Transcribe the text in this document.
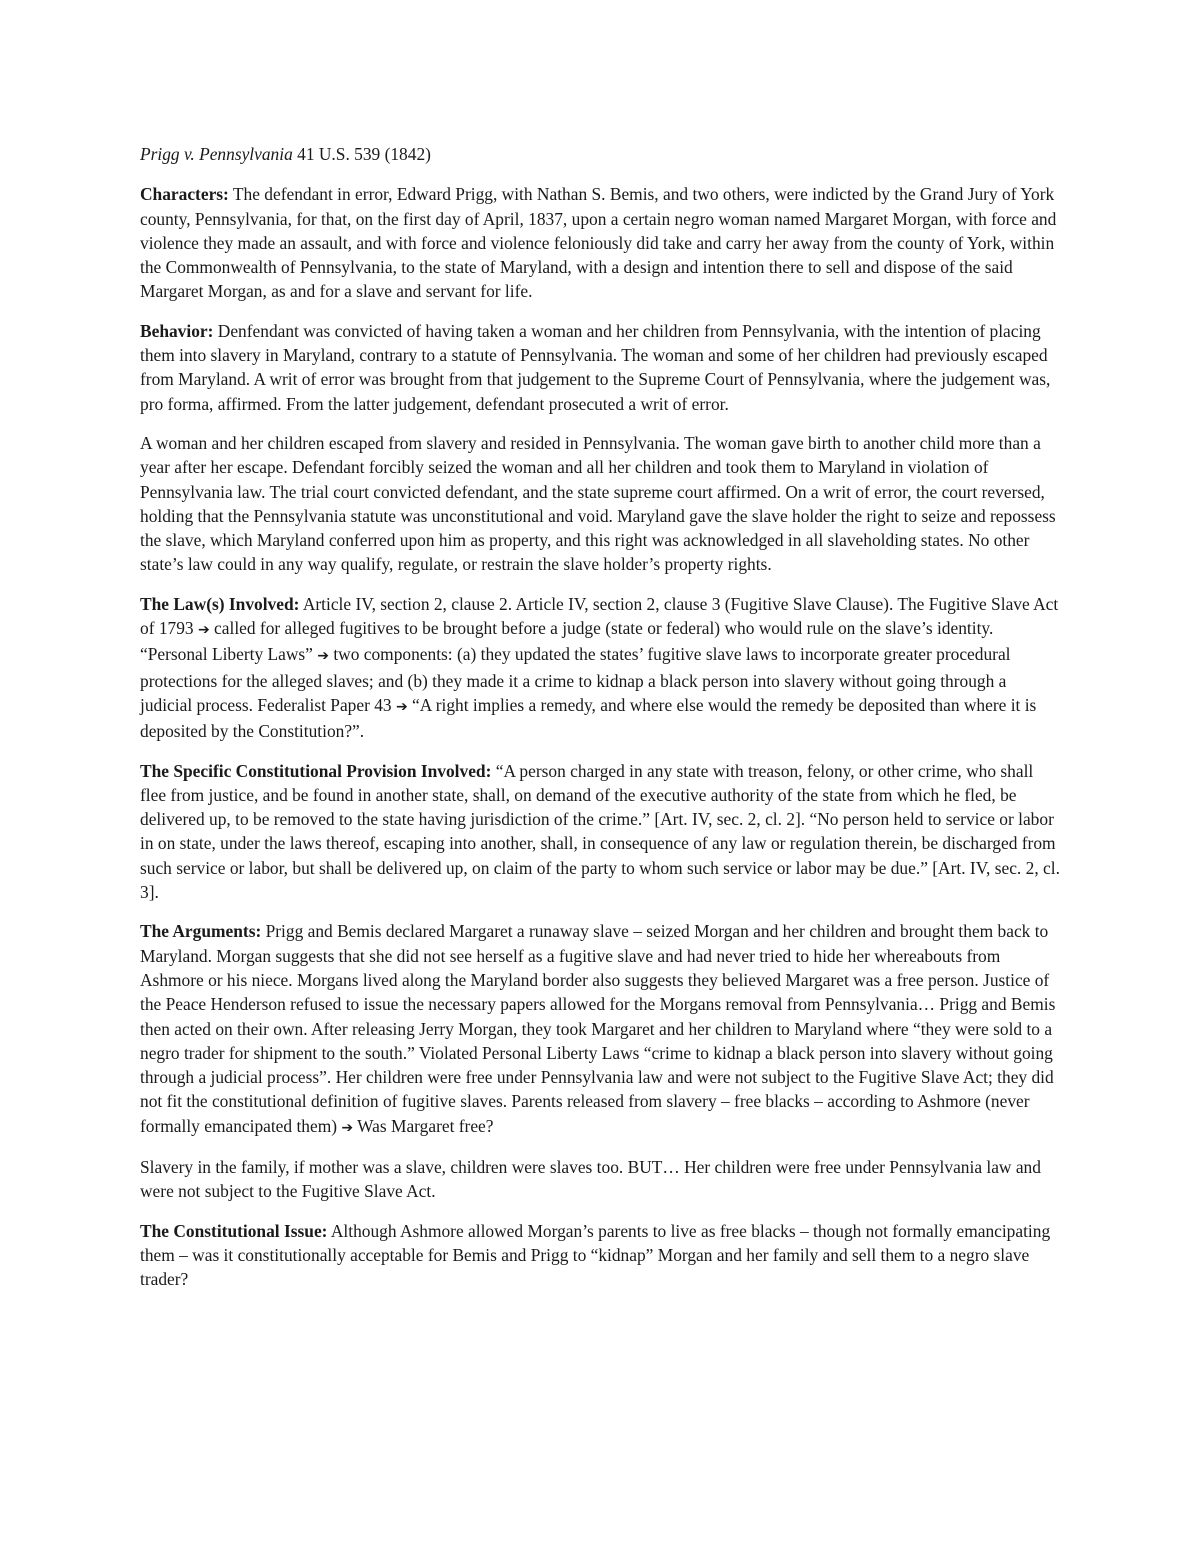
Prigg v. Pennsylvania 41 U.S. 539 (1842)

Characters: The defendant in error, Edward Prigg, with Nathan S. Bemis, and two others, were indicted by the Grand Jury of York county, Pennsylvania, for that, on the first day of April, 1837, upon a certain negro woman named Margaret Morgan, with force and violence they made an assault, and with force and violence feloniously did take and carry her away from the county of York, within the Commonwealth of Pennsylvania, to the state of Maryland, with a design and intention there to sell and dispose of the said Margaret Morgan, as and for a slave and servant for life.

Behavior: Denfendant was convicted of having taken a woman and her children from Pennsylvania, with the intention of placing them into slavery in Maryland, contrary to a statute of Pennsylvania. The woman and some of her children had previously escaped from Maryland. A writ of error was brought from that judgement to the Supreme Court of Pennsylvania, where the judgement was, pro forma, affirmed. From the latter judgement, defendant prosecuted a writ of error.

A woman and her children escaped from slavery and resided in Pennsylvania. The woman gave birth to another child more than a year after her escape. Defendant forcibly seized the woman and all her children and took them to Maryland in violation of Pennsylvania law. The trial court convicted defendant, and the state supreme court affirmed. On a writ of error, the court reversed, holding that the Pennsylvania statute was unconstitutional and void. Maryland gave the slave holder the right to seize and repossess the slave, which Maryland conferred upon him as property, and this right was acknowledged in all slaveholding states. No other state’s law could in any way qualify, regulate, or restrain the slave holder’s property rights.

The Law(s) Involved: Article IV, section 2, clause 2. Article IV, section 2, clause 3 (Fugitive Slave Clause). The Fugitive Slave Act of 1793 ➔ called for alleged fugitives to be brought before a judge (state or federal) who would rule on the slave’s identity. “Personal Liberty Laws” ➔ two components: (a) they updated the states’ fugitive slave laws to incorporate greater procedural protections for the alleged slaves; and (b) they made it a crime to kidnap a black person into slavery without going through a judicial process. Federalist Paper 43 ➔ “A right implies a remedy, and where else would the remedy be deposited than where it is deposited by the Constitution?”.

The Specific Constitutional Provision Involved: “A person charged in any state with treason, felony, or other crime, who shall flee from justice, and be found in another state, shall, on demand of the executive authority of the state from which he fled, be delivered up, to be removed to the state having jurisdiction of the crime.” [Art. IV, sec. 2, cl. 2]. “No person held to service or labor in on state, under the laws thereof, escaping into another, shall, in consequence of any law or regulation therein, be discharged from such service or labor, but shall be delivered up, on claim of the party to whom such service or labor may be due.” [Art. IV, sec. 2, cl. 3].

The Arguments: Prigg and Bemis declared Margaret a runaway slave – seized Morgan and her children and brought them back to Maryland. Morgan suggests that she did not see herself as a fugitive slave and had never tried to hide her whereabouts from Ashmore or his niece. Morgans lived along the Maryland border also suggests they believed Margaret was a free person. Justice of the Peace Henderson refused to issue the necessary papers allowed for the Morgans removal from Pennsylvania… Prigg and Bemis then acted on their own. After releasing Jerry Morgan, they took Margaret and her children to Maryland where “they were sold to a negro trader for shipment to the south.” Violated Personal Liberty Laws “crime to kidnap a black person into slavery without going through a judicial process”. Her children were free under Pennsylvania law and were not subject to the Fugitive Slave Act; they did not fit the constitutional definition of fugitive slaves. Parents released from slavery – free blacks – according to Ashmore (never formally emancipated them) ➔ Was Margaret free?

Slavery in the family, if mother was a slave, children were slaves too. BUT… Her children were free under Pennsylvania law and were not subject to the Fugitive Slave Act.

The Constitutional Issue: Although Ashmore allowed Morgan’s parents to live as free blacks – though not formally emancipating them – was it constitutionally acceptable for Bemis and Prigg to “kidnap” Morgan and her family and sell them to a negro slave trader?
